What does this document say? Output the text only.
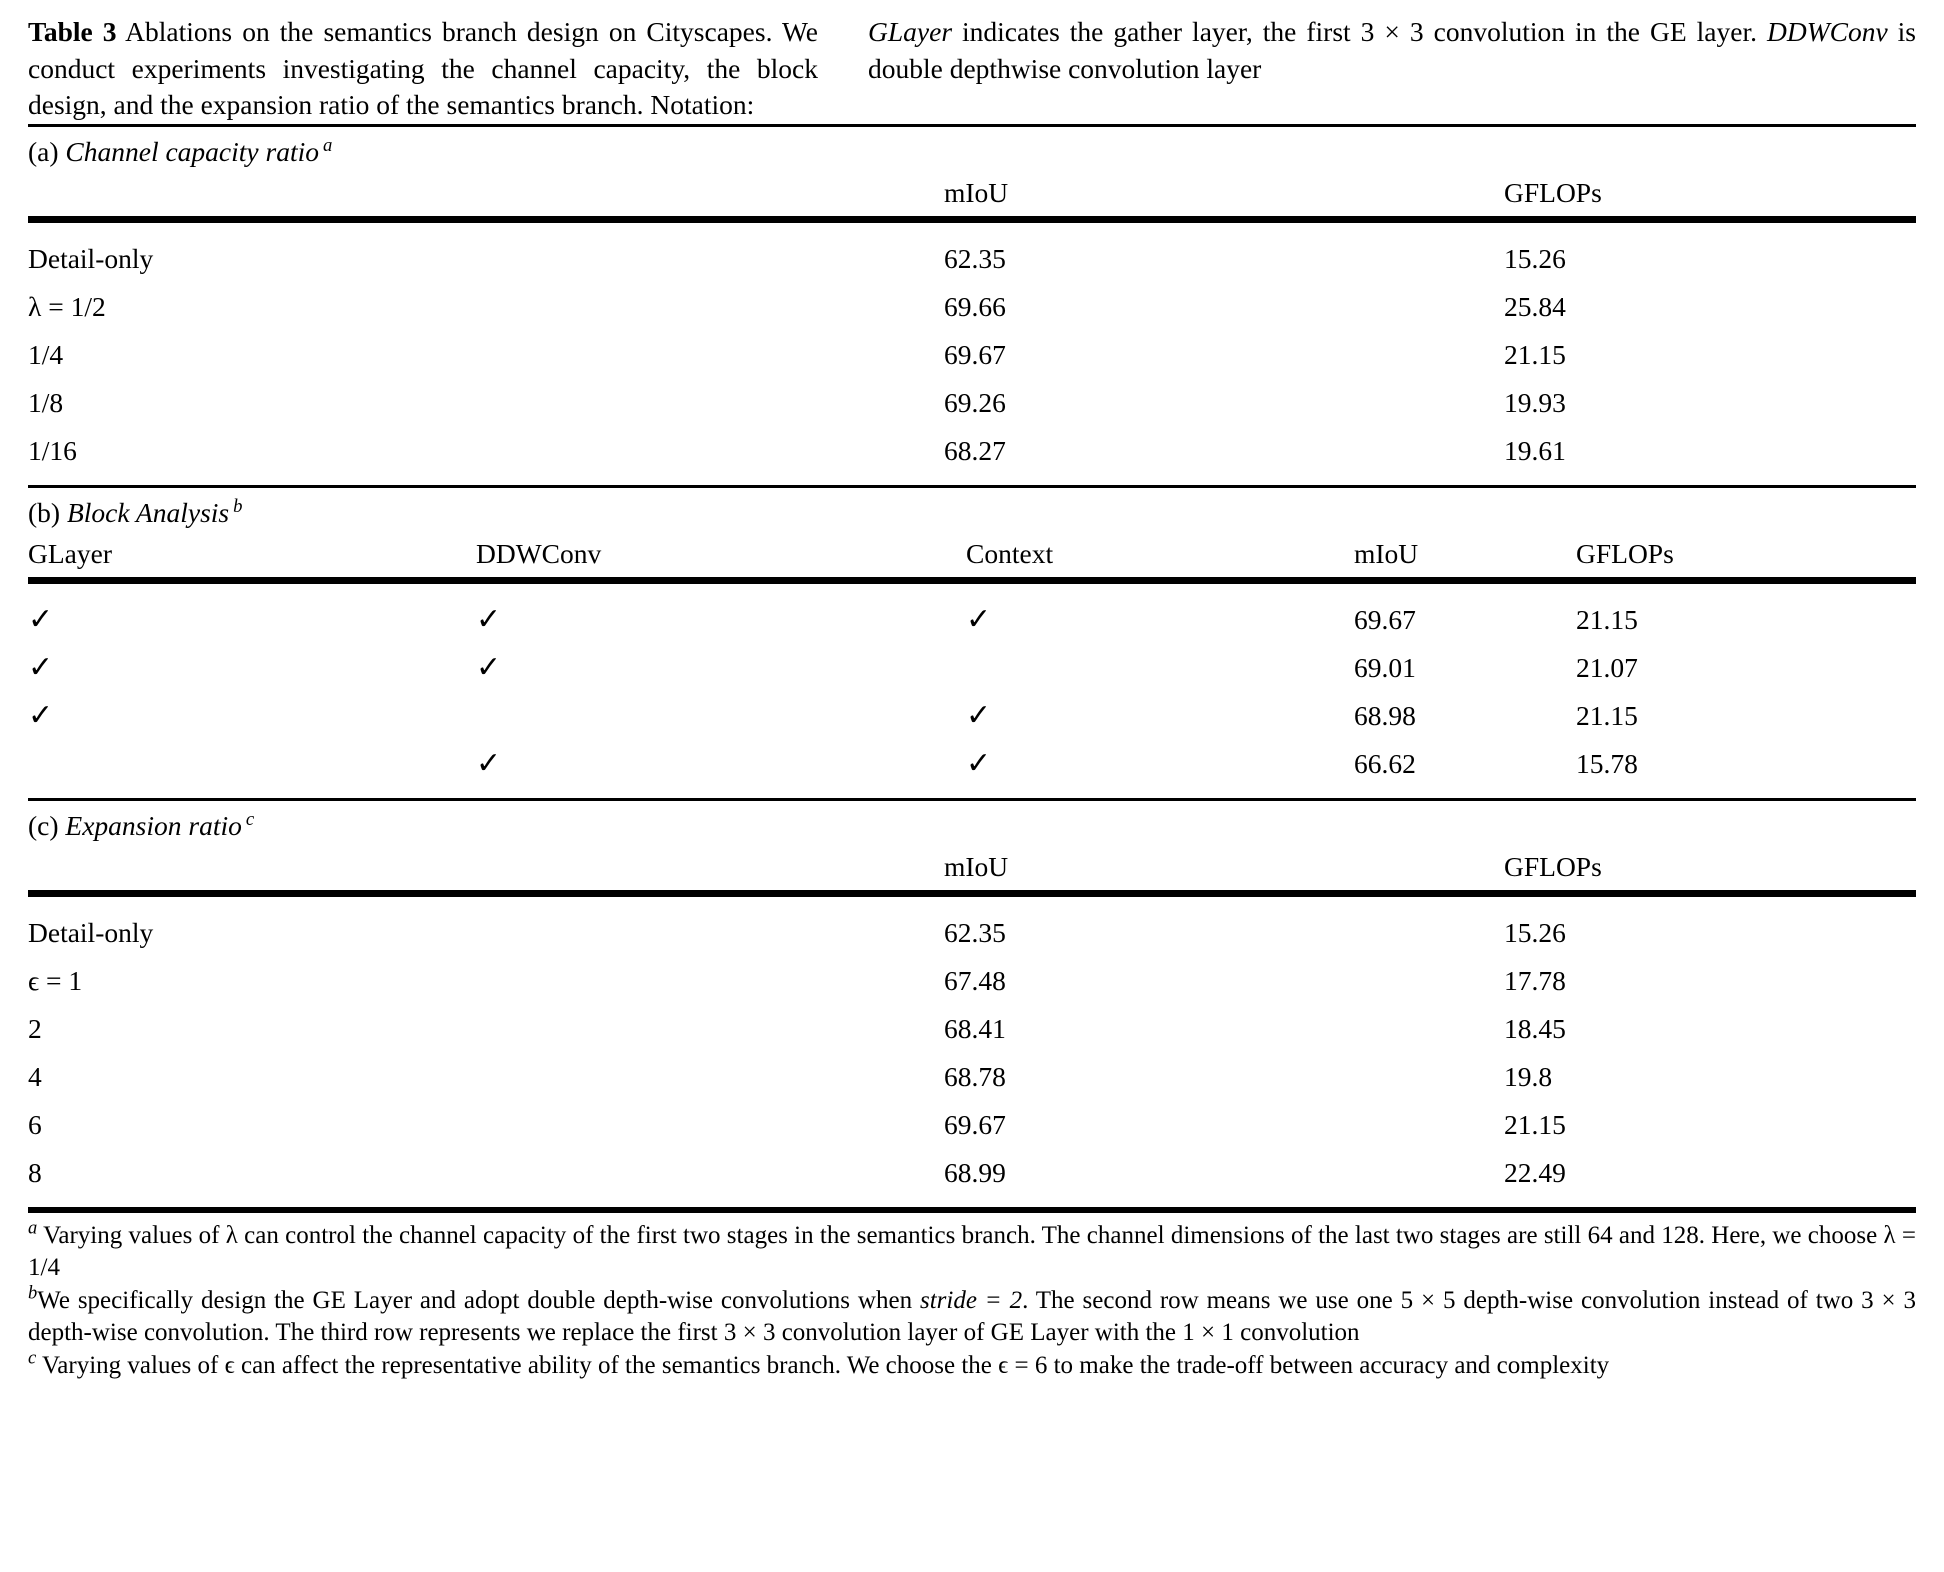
Table 3 Ablations on the semantics branch design on Cityscapes. We conduct experiments investigating the channel capacity, the block design, and the expansion ratio of the semantics branch. Notation:
GLayer indicates the gather layer, the first 3 × 3 convolution in the GE layer. DDWConv is double depthwise convolution layer
(a) Channel capacity ratio $^a$
	mIoU	GFLOPs
Detail-only	62.35	15.26
λ = 1/2	69.66	25.84
1/4	69.67	21.15
1/8	69.26	19.93
1/16	68.27	19.61
(b) Block Analysis $^b$
GLayer	DDWConv	Context	mIoU	GFLOPs
✓	✓	✓	69.67	21.15
✓	✓		69.01	21.07
✓		✓	68.98	21.15
	✓	✓	66.62	15.78
(c) Expansion ratio $^c$
	mIoU	GFLOPs
Detail-only	62.35	15.26
ϵ = 1	67.48	17.78
2	68.41	18.45
4	68.78	19.8
6	69.67	21.15
8	68.99	22.49

$^a$ Varying values of λ can control the channel capacity of the first two stages in the semantics branch. The channel dimensions of the last two stages are still 64 and 128. Here, we choose λ = 1/4

$^b$We specifically design the GE Layer and adopt double depth-wise convolutions when stride = 2. The second row means we use one 5 × 5 depth-wise convolution instead of two 3 × 3 depth-wise convolution. The third row represents we replace the first 3 × 3 convolution layer of GE Layer with the 1 × 1 convolution

$^c$ Varying values of ϵ can affect the representative ability of the semantics branch. We choose the ϵ = 6 to make the trade-off between accuracy and complexity
